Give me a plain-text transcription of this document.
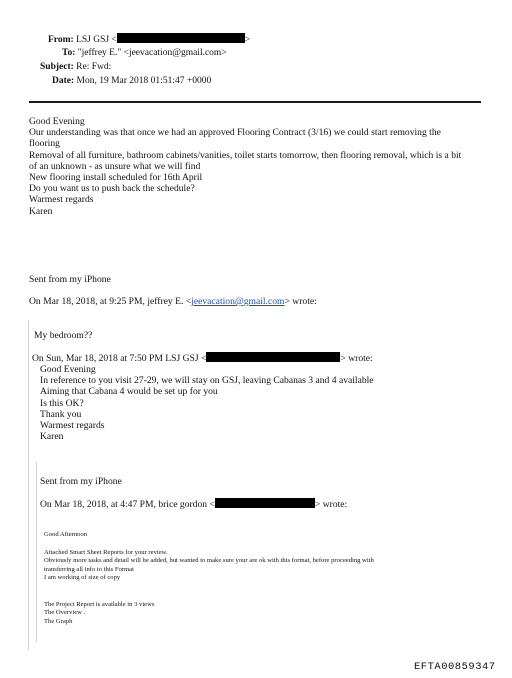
From: LSJ GSJ <	>
To: "jeffrey E." <jeevacation@gmail.com>
Subject: Re: Fwd:
Date: Mon, 19 Mar 2018 01:51:47 +0000
Good Evening
Our understanding was that once we had an approved Flooring Contract (3/16) we could start removing the
flooring
Removal of all furniture, bathroom cabinets/vanities, toilet starts tomorrow, then flooring removal, which is a bit
of an unknown - as unsure what we will find
New flooring install scheduled for 16th April
Do you want us to push back the schedule?
Warmest regards
Karen
Sent from my iPhone
On Mar 18, 2018, at 9:25 PM, jeffrey E. <jeevacation@gmail.com> wrote:
My bedroom??
On Sun, Mar 18, 2018 at 7:50 PM LSJ GSJ <	> wrote:
Good Evening
In reference to you visit 27-29, we will stay on GSJ, leaving Cabanas 3 and 4 available
Aiming that Cabana 4 would be set up for you
Is this OK?
Thank you
Warmest regards
Karen
Sent from my iPhone
On Mar 18, 2018, at 4:47 PM, brice gordon <	> wrote:
Good Afternoon
Attached Smart Sheet Reports for your review.
Obviously more tasks and detail will be added, but wanted to make sure your are ok with this format, before proceeding with
transferring all info to this Format
I am working of size of copy
The Project Report is available in 3 views
The Overview .
The Graph
EFTA00859347
